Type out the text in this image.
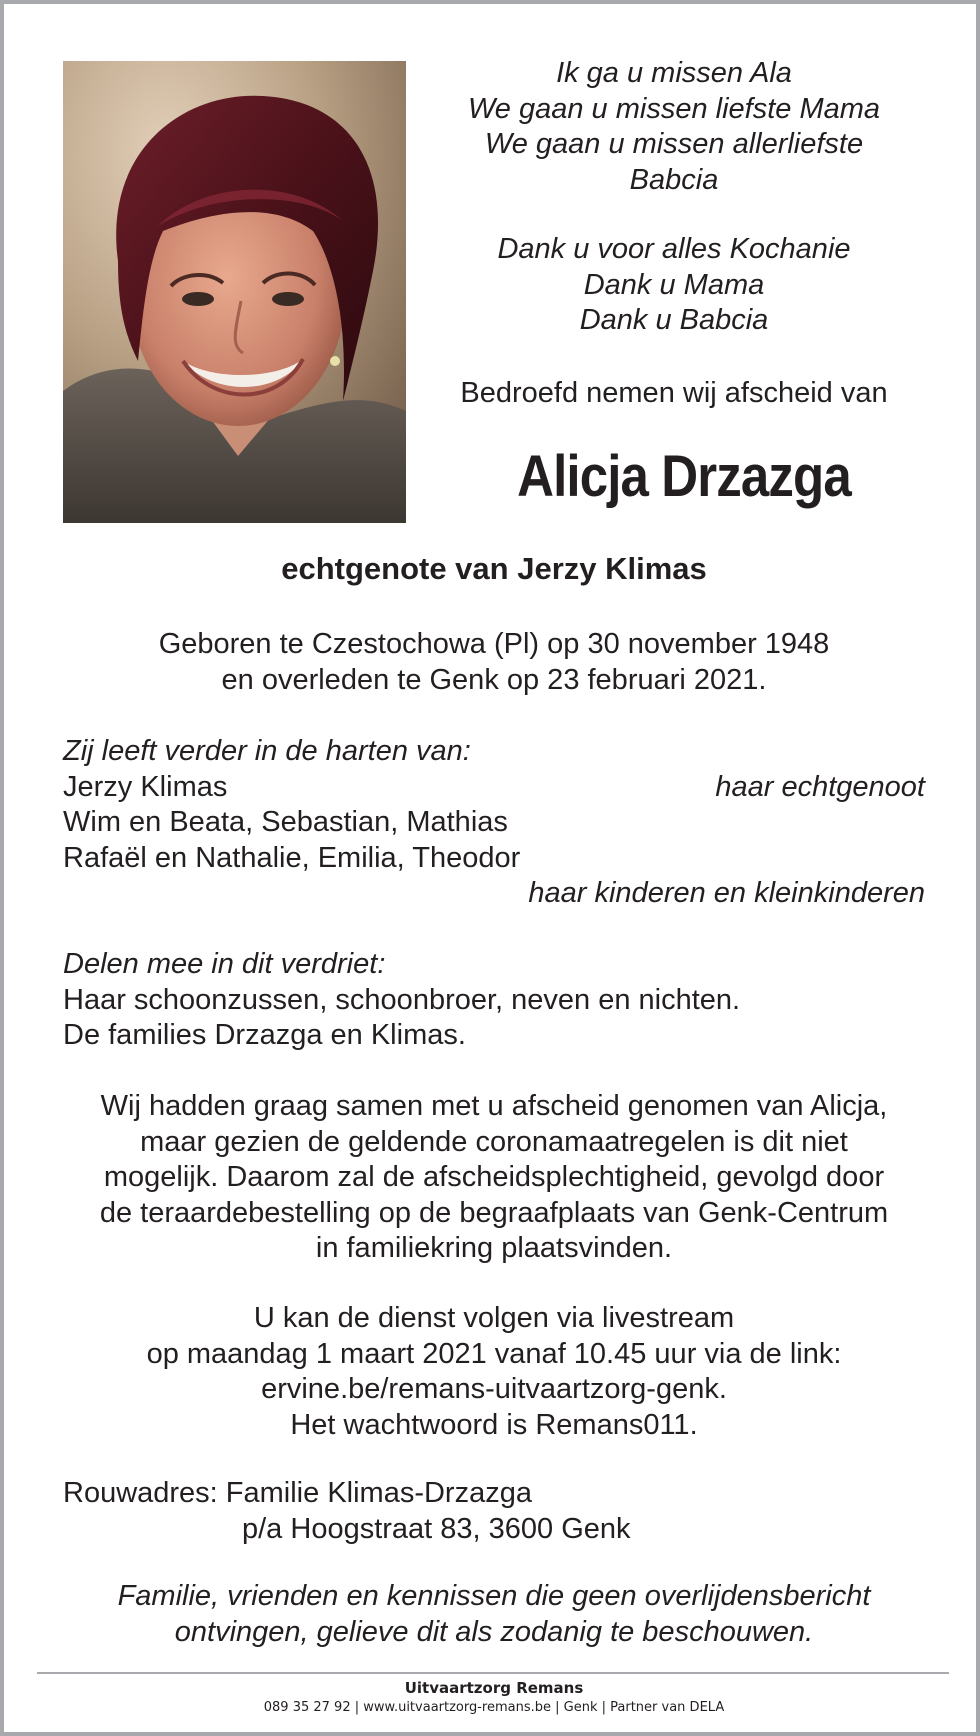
Ik ga u missen Ala
We gaan u missen liefste Mama
We gaan u missen allerliefste
Babcia
Dank u voor alles Kochanie
Dank u Mama
Dank u Babcia
Bedroefd nemen wij afscheid van
Alicja Drzazga
echtgenote van Jerzy Klimas
Geboren te Czestochowa (Pl) op 30 november 1948
en overleden te Genk op 23 februari 2021.
Zij leeft verder in de harten van:
Jerzy Klimas	haar echtgenoot
Wim en Beata, Sebastian, Mathias
Rafaël en Nathalie, Emilia, Theodor
haar kinderen en kleinkinderen
Delen mee in dit verdriet:
Haar schoonzussen, schoonbroer, neven en nichten.
De families Drzazga en Klimas.
Wij hadden graag samen met u afscheid genomen van Alicja,
maar gezien de geldende coronamaatregelen is dit niet
mogelijk. Daarom zal de afscheidsplechtigheid, gevolgd door
de teraardebestelling op de begraafplaats van Genk-Centrum
in familiekring plaatsvinden.
U kan de dienst volgen via livestream
op maandag 1 maart 2021 vanaf 10.45 uur via de link:
ervine.be/remans-uitvaartzorg-genk.
Het wachtwoord is Remans011.
Rouwadres: Familie Klimas-Drzazga
p/a Hoogstraat 83, 3600 Genk
Familie, vrienden en kennissen die geen overlijdensbericht
ontvingen, gelieve dit als zodanig te beschouwen.
Uitvaartzorg Remans
089 35 27 92 | www.uitvaartzorg-remans.be | Genk | Partner van DELA
